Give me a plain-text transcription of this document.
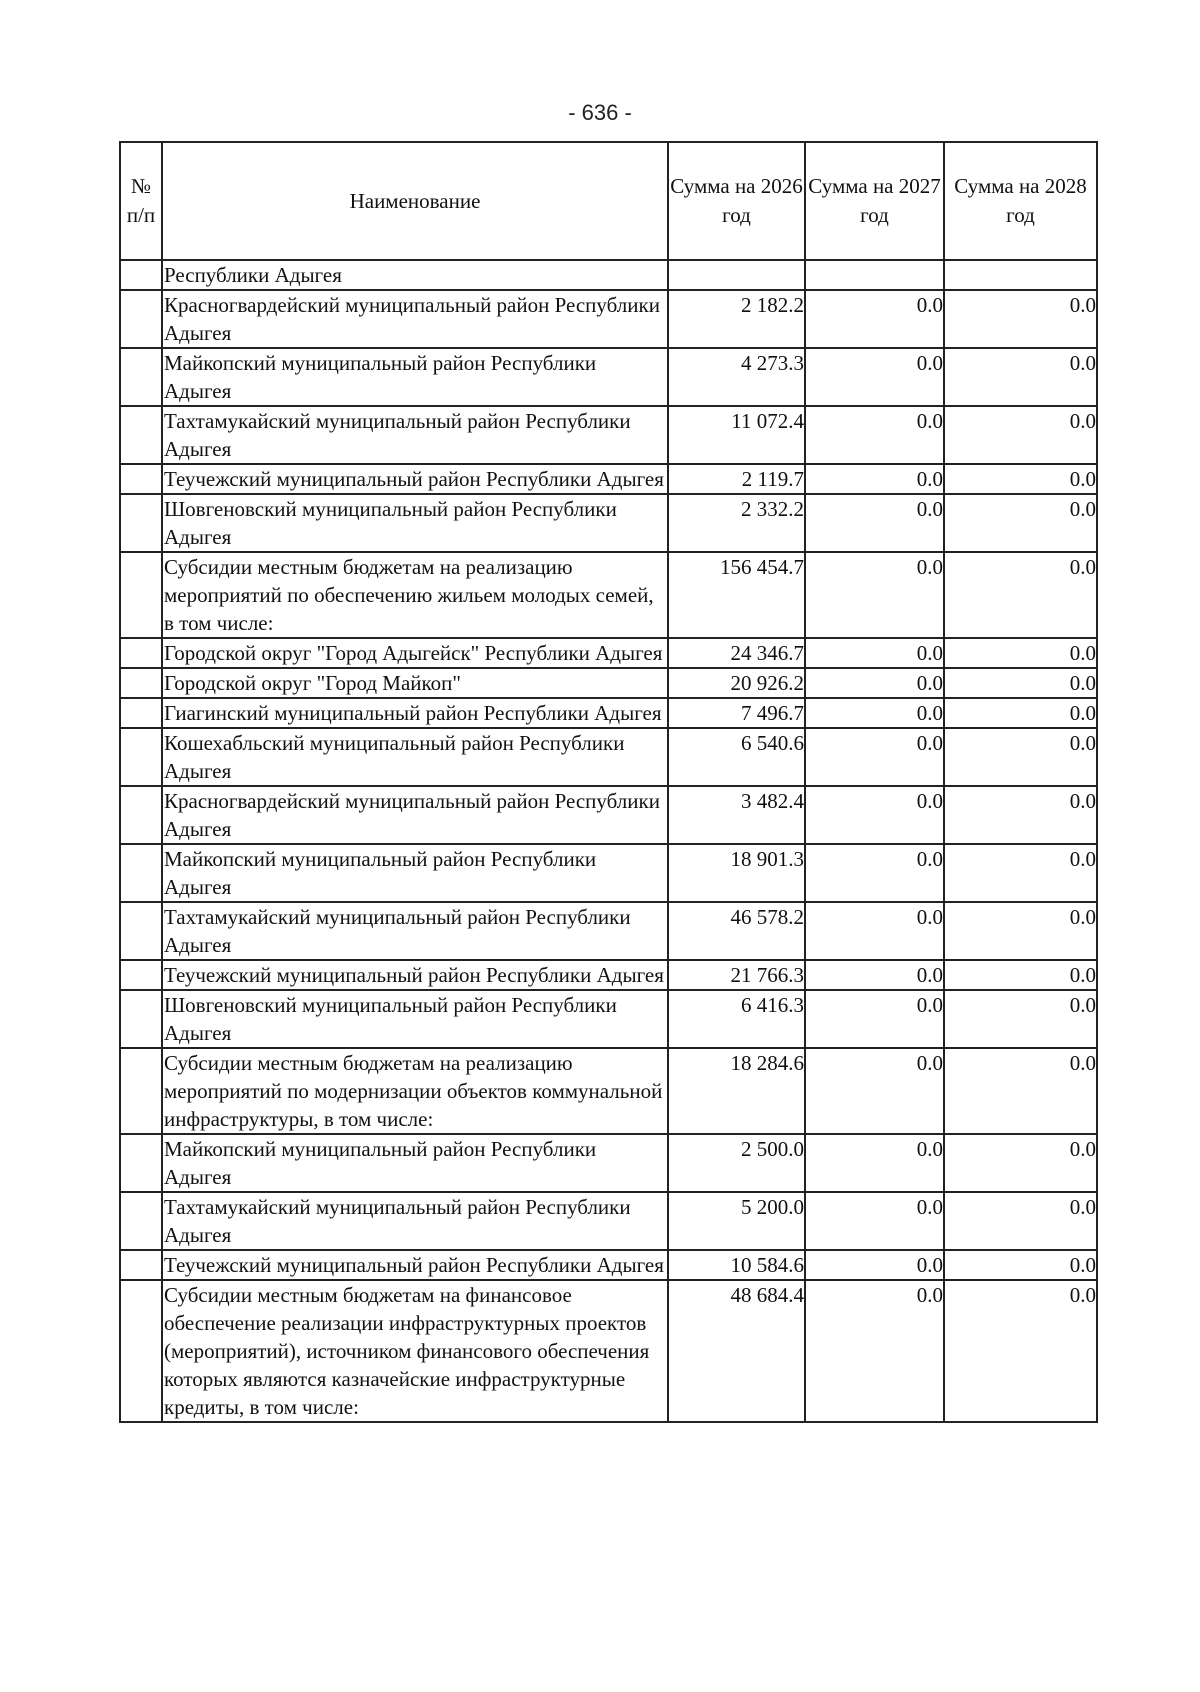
- 636 -
№ п/п	Наименование	Сумма на 2026 год	Сумма на 2027 год	Сумма на 2028 год
	Республики Адыгея			
	Красногвардейский муниципальный район Республики Адыгея	2 182.2	0.0	0.0
	Майкопский муниципальный район Республики Адыгея	4 273.3	0.0	0.0
	Тахтамукайский муниципальный район Республики Адыгея	11 072.4	0.0	0.0
	Теучежский муниципальный район Республики Адыгея	2 119.7	0.0	0.0
	Шовгеновский муниципальный район Республики Адыгея	2 332.2	0.0	0.0
	Субсидии местным бюджетам на реализацию мероприятий по обеспечению жильем молодых семей, в том числе:	156 454.7	0.0	0.0
	Городской округ "Город Адыгейск" Республики Адыгея	24 346.7	0.0	0.0
	Городской округ "Город Майкоп"	20 926.2	0.0	0.0
	Гиагинский муниципальный район Республики Адыгея	7 496.7	0.0	0.0
	Кошехабльский муниципальный район Республики Адыгея	6 540.6	0.0	0.0
	Красногвардейский муниципальный район Республики Адыгея	3 482.4	0.0	0.0
	Майкопский муниципальный район Республики Адыгея	18 901.3	0.0	0.0
	Тахтамукайский муниципальный район Республики Адыгея	46 578.2	0.0	0.0
	Теучежский муниципальный район Республики Адыгея	21 766.3	0.0	0.0
	Шовгеновский муниципальный район Республики Адыгея	6 416.3	0.0	0.0
	Субсидии местным бюджетам на реализацию мероприятий по модернизации объектов коммунальной инфраструктуры, в том числе:	18 284.6	0.0	0.0
	Майкопский муниципальный район Республики Адыгея	2 500.0	0.0	0.0
	Тахтамукайский муниципальный район Республики Адыгея	5 200.0	0.0	0.0
	Теучежский муниципальный район Республики Адыгея	10 584.6	0.0	0.0
	Субсидии местным бюджетам на финансовое обеспечение реализации инфраструктурных проектов (мероприятий), источником финансового обеспечения которых являются казначейские инфраструктурные кредиты, в том числе:	48 684.4	0.0	0.0
